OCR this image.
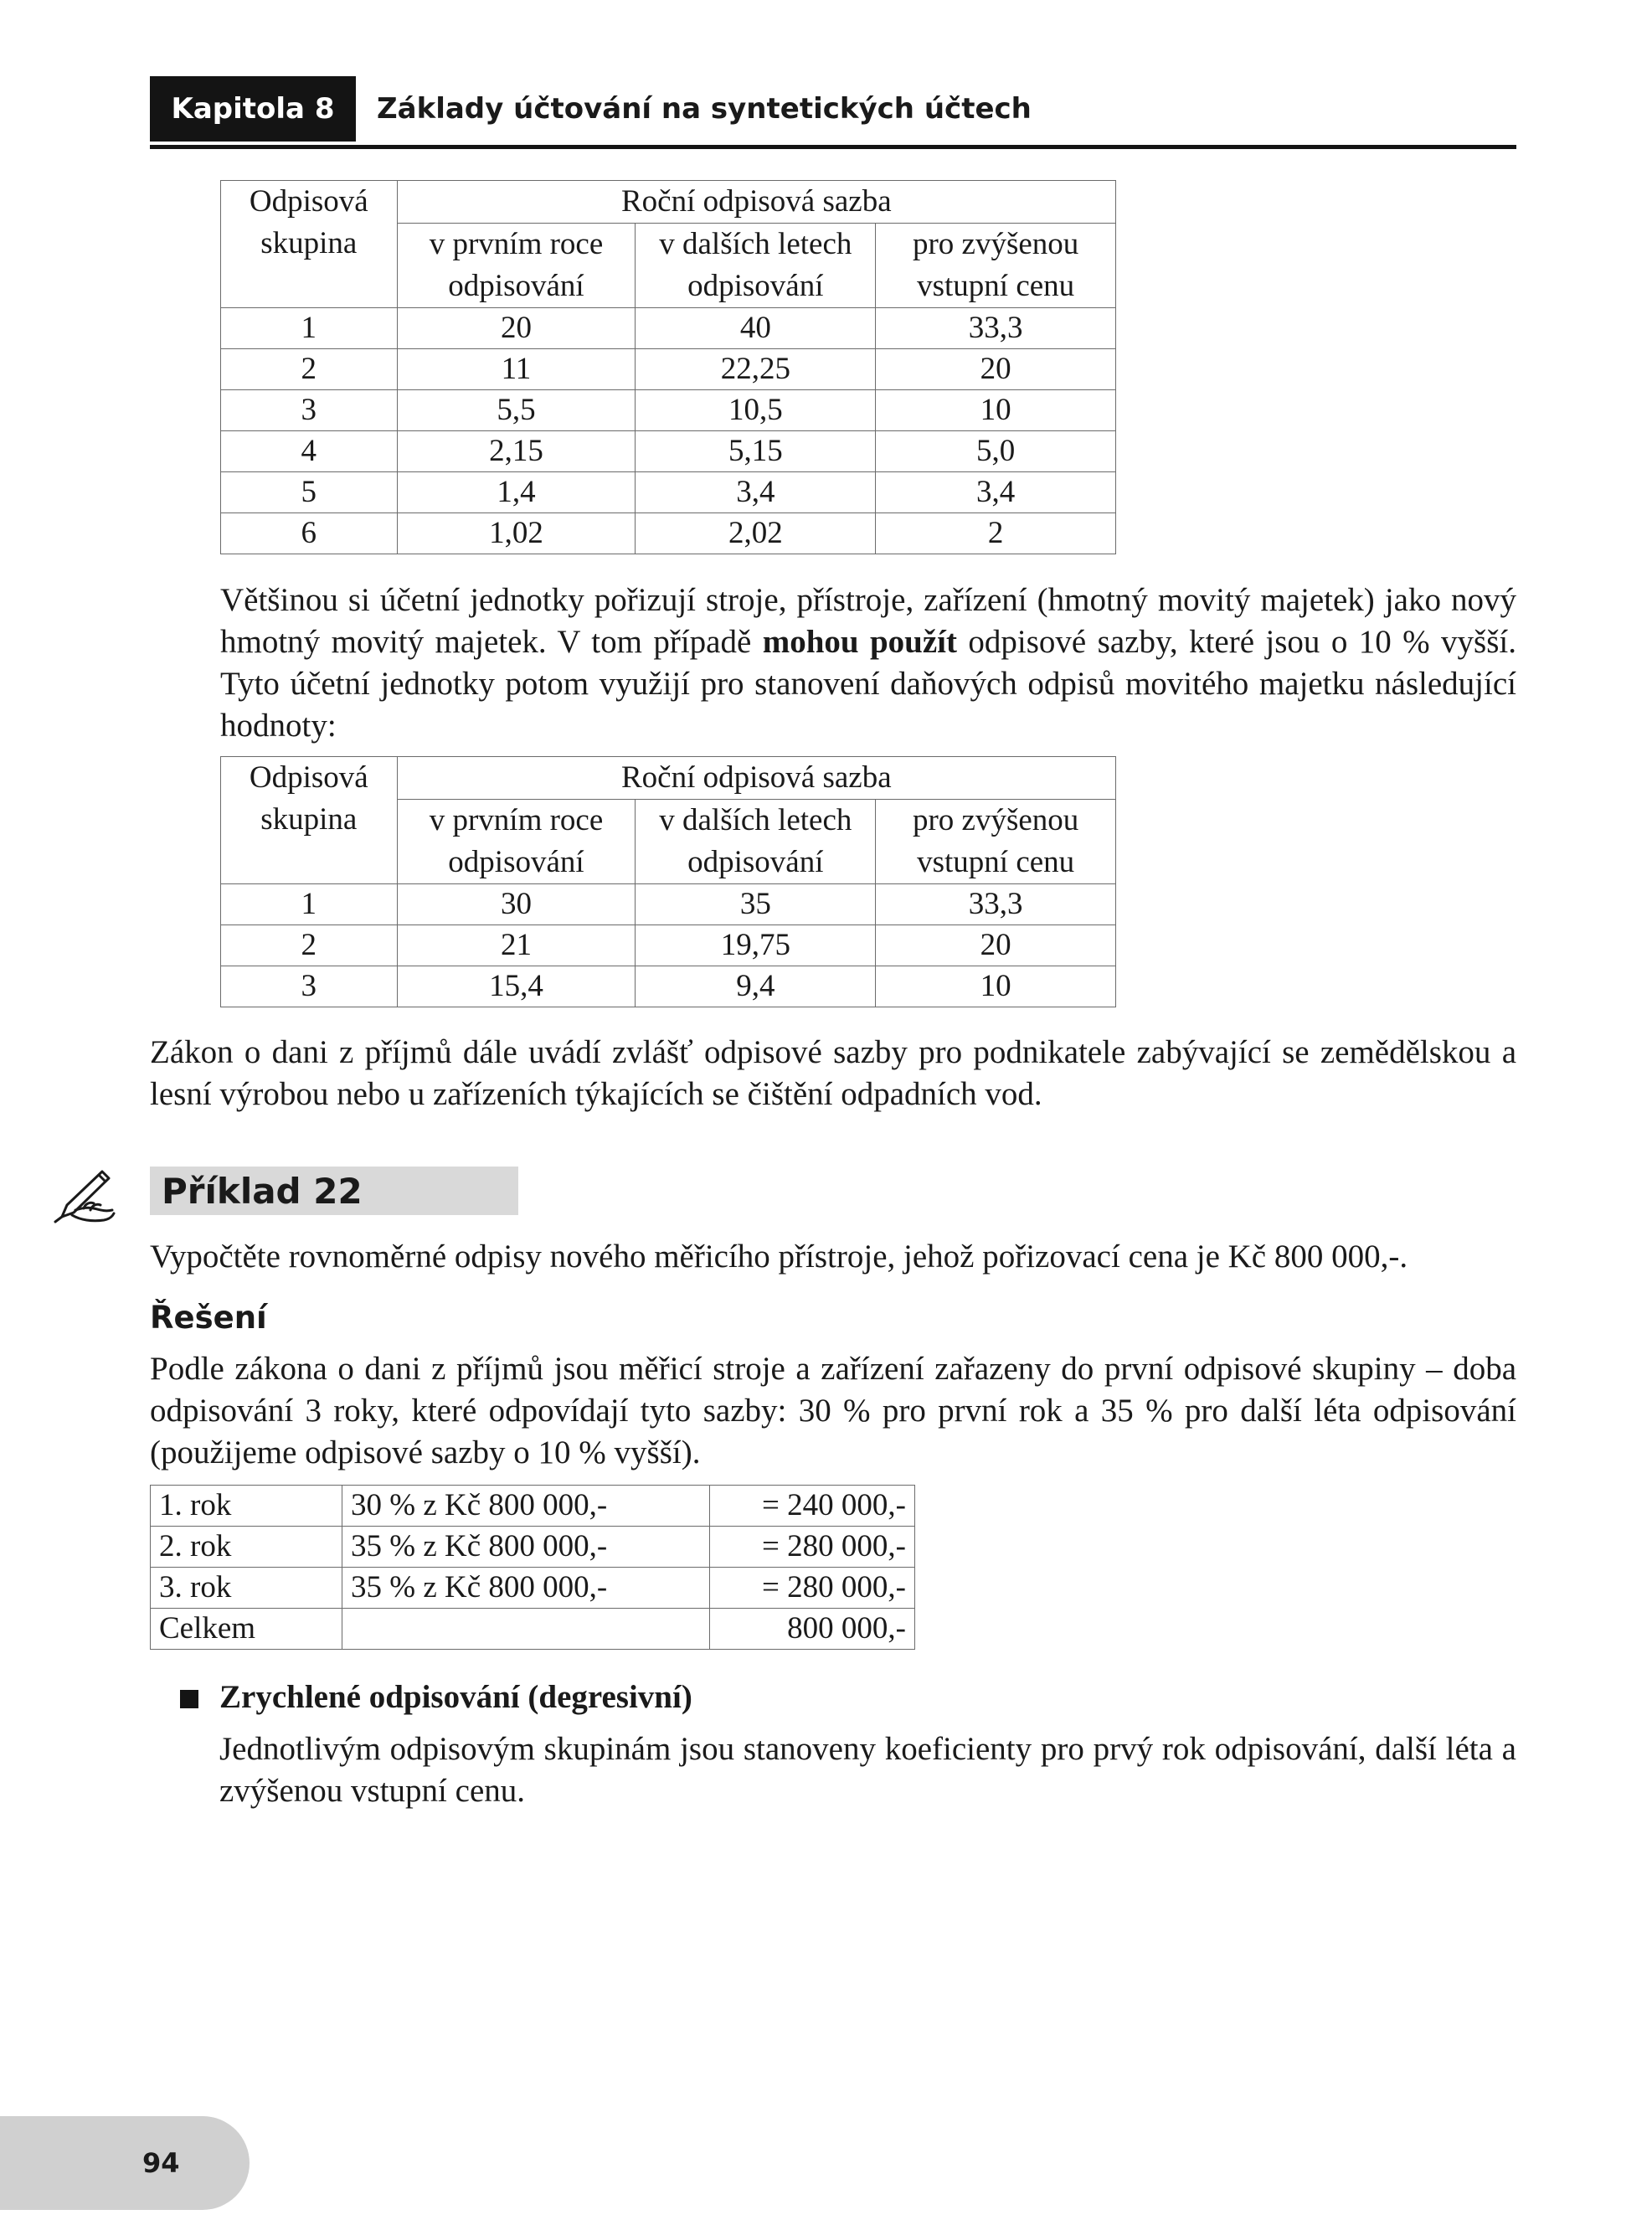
Kapitola 8	Základy účtování na syntetických účtech
Odpisová skupina	Roční odpisová sazba		
	v prvním roce odpisování	v dalších letech odpisování	pro zvýšenou vstupní cenu
1	20	40	33,3
2	11	22,25	20
3	5,5	10,5	10
4	2,15	5,15	5,0
5	1,4	3,4	3,4
6	1,02	2,02	2
Většinou si účetní jednotky pořizují stroje, přístroje, zařízení (hmotný movitý majetek) jako nový hmotný movitý majetek. V tom případě mohou použít odpisové sazby, které jsou o 10 % vyšší. Tyto účetní jednotky potom využijí pro stanovení daňových odpisů movitého majetku následující hodnoty:
Odpisová skupina	Roční odpisová sazba		
	v prvním roce odpisování	v dalších letech odpisování	pro zvýšenou vstupní cenu
1	30	35	33,3
2	21	19,75	20
3	15,4	9,4	10
Zákon o dani z příjmů dále uvádí zvlášť odpisové sazby pro podnikatele zabývající se zemědělskou a lesní výrobou nebo u zařízeních týkajících se čištění odpadních vod.
Příklad 22
Vypočtěte rovnoměrné odpisy nového měřicího přístroje, jehož pořizovací cena je Kč 800 000,-.
Řešení
Podle zákona o dani z příjmů jsou měřicí stroje a zařízení zařazeny do první odpisové skupiny – doba odpisování 3 roky, které odpovídají tyto sazby: 30 % pro první rok a 35 % pro další léta odpisování (použijeme odpisové sazby o 10 % vyšší).
1. rok	30 % z Kč 800 000,-	= 240 000,-
2. rok	35 % z Kč 800 000,-	= 280 000,-
3. rok	35 % z Kč 800 000,-	= 280 000,-
Celkem		800 000,-
Zrychlené odpisování (degresivní)
Jednotlivým odpisovým skupinám jsou stanoveny koeficienty pro prvý rok odpisování, další léta a zvýšenou vstupní cenu.
94
